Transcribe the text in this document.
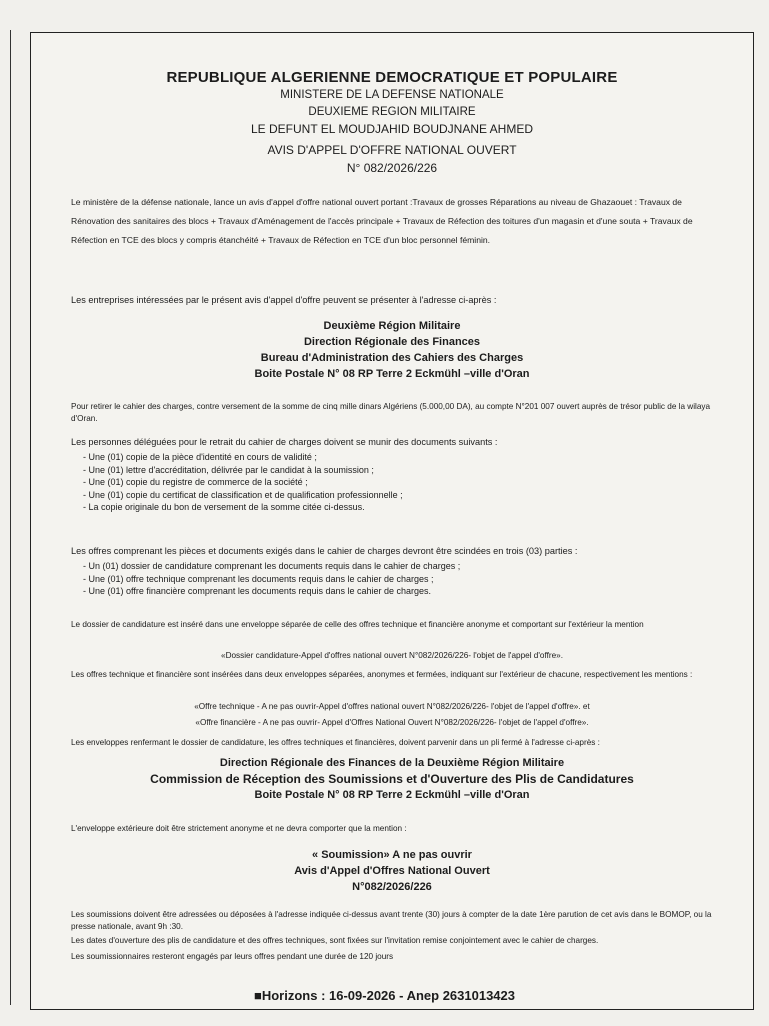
REPUBLIQUE ALGERIENNE DEMOCRATIQUE ET POPULAIRE
MINISTERE DE LA DEFENSE NATIONALE
DEUXIEME REGION MILITAIRE
LE DEFUNT EL MOUDJAHID BOUDJNANE AHMED
AVIS D'APPEL D'OFFRE NATIONAL OUVERT
N° 082/2026/226
Le ministère de la défense nationale, lance un avis d'appel d'offre national ouvert portant :Travaux de grosses Réparations au niveau de Ghazaouet : Travaux de Rénovation des sanitaires des blocs + Travaux d'Aménagement de l'accès principale + Travaux de Réfection des toitures d'un magasin et d'une souta + Travaux de Réfection en TCE des blocs y compris étanchéité + Travaux de Réfection en TCE d'un bloc personnel féminin.
Les entreprises intéressées par le présent avis d'appel d'offre peuvent se présenter à l'adresse ci-après :
Deuxième Région Militaire
Direction Régionale des Finances
Bureau d'Administration des Cahiers des Charges
Boite Postale N° 08 RP Terre 2 Eckmühl –ville d'Oran
Pour retirer le cahier des charges, contre versement de la somme de cinq mille dinars Algériens (5.000,00 DA), au compte N°201 007 ouvert auprès de trésor public de la wilaya d'Oran.
Les personnes déléguées pour le retrait du cahier de charges doivent se munir des documents suivants :
- Une (01) copie de la pièce d'identité en cours de validité ;
- Une (01) lettre d'accréditation, délivrée par le candidat à la soumission ;
- Une (01) copie du registre de commerce de la société ;
- Une (01) copie du certificat de classification et de qualification professionnelle ;
- La copie originale du bon de versement de la somme citée ci-dessus.
Les offres comprenant les pièces et documents exigés dans le cahier de charges devront être scindées en trois (03) parties :
- Un (01) dossier de candidature comprenant les documents requis dans le cahier de charges ;
- Une (01) offre technique comprenant les documents requis dans le cahier de charges ;
- Une (01) offre financière comprenant les documents requis dans le cahier de charges.
Le dossier de candidature est inséré dans une enveloppe séparée de celle des offres technique et financière anonyme et comportant sur l'extérieur la mention
«Dossier candidature-Appel d'offres national ouvert N°082/2026/226- l'objet de l'appel d'offre».
Les offres technique et financière sont insérées dans deux enveloppes séparées, anonymes et fermées, indiquant sur l'extérieur de chacune, respectivement les mentions :
«Offre technique - A ne pas ouvrir-Appel d'offres national ouvert N°082/2026/226- l'objet de l'appel d'offre». et
«Offre financière - A ne pas ouvrir- Appel d'Offres National Ouvert N°082/2026/226- l'objet de l'appel d'offre».
Les enveloppes renfermant le dossier de candidature, les offres techniques et financières, doivent parvenir dans un pli fermé à l'adresse ci-après :
Direction Régionale des Finances de la Deuxième Région Militaire
Commission de Réception des Soumissions et d'Ouverture des Plis de Candidatures
Boite Postale N° 08 RP Terre 2 Eckmühl –ville d'Oran
L'enveloppe extérieure doit être strictement anonyme et ne devra comporter que la mention :
« Soumission» A ne pas ouvrir
Avis d'Appel d'Offres National Ouvert
N°082/2026/226
Les soumissions doivent être adressées ou déposées à l'adresse indiquée ci-dessus avant trente (30) jours à compter de la date 1ère parution de cet avis dans le BOMOP, ou la presse nationale, avant 9h :30.
Les dates d'ouverture des plis de candidature et des offres techniques, sont fixées sur l'invitation remise conjointement avec le cahier de charges.
Les soumissionnaires resteront engagés par leurs offres pendant une durée de 120 jours
■Horizons : 16-09-2026 - Anep 2631013423
